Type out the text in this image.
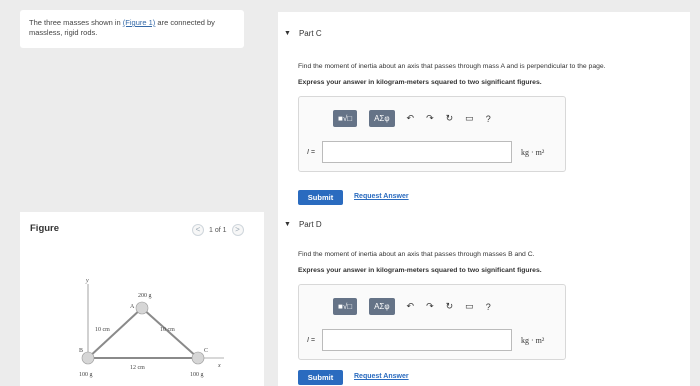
The three masses shown in (Figure 1) are connected by massless, rigid rods.
Figure	<	1 of 1	>
y
x
200 g
A
B
100 g
C
100 g
10 cm	10 cm
12 cm
▼ Part C
Find the moment of inertia about an axis that passes through mass A and is perpendicular to the page.
Express your answer in kilogram-meters squared to two significant figures.
■√□	ΑΣφ	↶ ↷ ↻ ▭ ?
I =	kg · m²
Submit	Request Answer
▼ Part D
Find the moment of inertia about an axis that passes through masses B and C.
Express your answer in kilogram-meters squared to two significant figures.
■√□	ΑΣφ	↶ ↷ ↻ ▭ ?
I =	kg · m²
Submit	Request Answer
